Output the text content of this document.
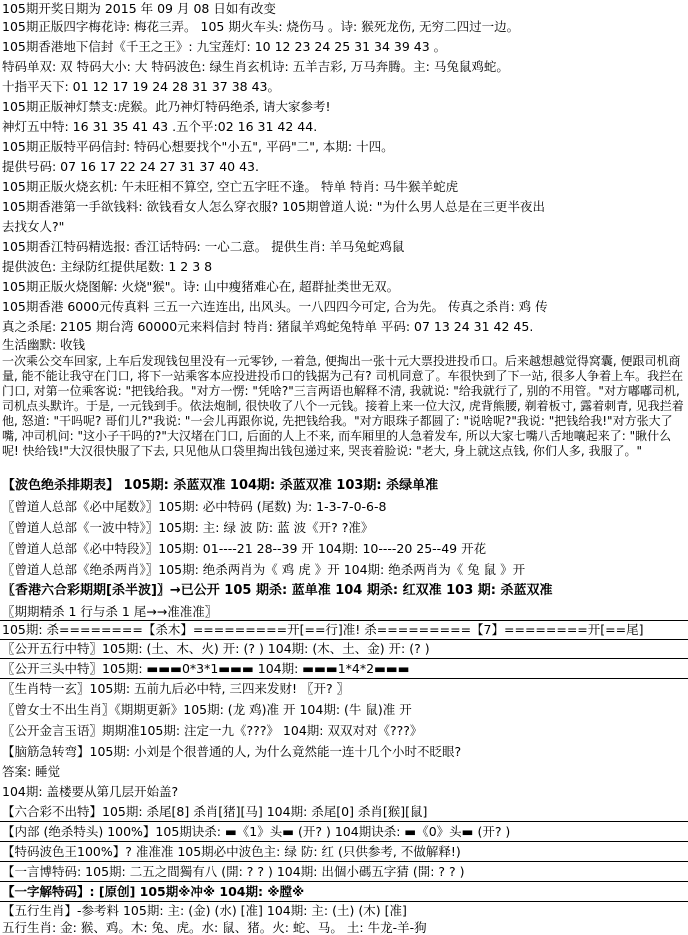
105期开奖日期为 2015 年 09 月 08 日如有改变
105期正版四字梅花诗: 梅花三弄。 105 期火车头: 烧伤马 。诗: 猴死龙伤, 无穷二四过一边。
105期香港地下信封《千王之王》: 九宝莲灯: 10 12 23 24 25 31 34 39 43 。
特码单双: 双 特码大小: 大 特码波色: 绿生肖玄机诗: 五羊吉彩, 万马奔腾。主: 马兔鼠鸡蛇。
十指平天下: 01 12 17 19 24 28 31 37 38 43。
105期正版神灯禁支:虎猴。此乃神灯特码绝杀, 请大家参考!
神灯五中特: 16 31 35 41 43 .五个平:02 16 31 42 44.
105期正版特平码信封: 特码心想要找个"小五", 平码"二", 本期: 十四。
提供号码: 07 16 17 22 24 27 31 37 40 43.
105期正版火烧玄机: 午未旺相不算空, 空亡五字旺不逢。 特单 特肖: 马牛猴羊蛇虎
105期香港第一手欲钱料: 欲钱看女人怎么穿衣服? 105期曾道人说: "为什么男人总是在三更半夜出
去找女人?"
105期香江特码精选报: 香江话特码: 一心二意。 提供生肖: 羊马兔蛇鸡鼠
提供波色: 主绿防红提供尾数: 1 2 3 8
105期正版火烧图解: 火烧"猴"。诗: 山中瘦猪难心在, 超群扯类世无双。
105期香港 6000元传真料 三五一六连连出, 出风头。一八四四今可定, 合为先。 传真之杀肖: 鸡 传
真之杀尾: 2105 期台湾 60000元来料信封 特肖: 猪鼠羊鸡蛇兔特单 平码: 07 13 24 31 42 45.
生活幽默: 收钱

一次乘公交车回家, 上车后发现钱包里没有一元零钞, 一着急, 便掏出一张十元大票投进投币口。后来越想越觉得窝囊, 便跟司机商量, 能不能让我守在门口, 将下一站乘客本应投进投币口的钱据为己有? 司机同意了。车很快到了下一站, 很多人争着上车。我拦在门口, 对第一位乘客说: "把钱给我。"对方一愣: "凭啥?"三言两语也解释不清, 我就说: "给我就行了, 别的不用管。"对方嘟嘟司机, 司机点头默许。于是, 一元钱到手。依法炮制, 很快收了八个一元钱。接着上来一位大汉, 虎背熊腰, 剃着板寸, 露着刺青, 见我拦着他, 怒道: "干吗呢? 哥们儿?"我说: "一会儿再跟你说, 先把钱给我。"对方眼珠子都圆了: "说啥呢?"我说: "把钱给我!"对方张大了嘴, 冲司机问: "这小子干吗的?"大汉堵在门口, 后面的人上不来, 而车厢里的人急着发车, 所以大家七嘴八舌地嚷起来了: "瞅什么呢! 快给钱!"大汉很快服了下去, 只见他从口袋里掏出钱包递过来, 哭丧着脸说: "老大, 身上就这点钱, 你们人多, 我服了。"

【波色绝杀排期表】 105期: 杀蓝双准 104期: 杀蓝双准 103期: 杀绿单准
〖曾道人总部《必中尾数》〗105期: 必中特码 (尾数) 为: 1-3-7-0-6-8
〖曾道人总部《一波中特》〗105期: 主: 绿 波 防: 蓝 波《开? ?准》
〖曾道人总部《必中特段》〗105期: 01----21 28--39 开 104期: 10----20 25--49 开花
〖曾道人总部《绝杀两肖》〗105期: 绝杀两肖为《 鸡 虎 》开 104期: 绝杀两肖为《 兔 鼠 》开
〖香港六合彩期期[杀半波]〗→已公开 105 期杀: 蓝单准 104 期杀: 红双准 103 期: 杀蓝双准
〖期期精杀 1 行与杀 1 尾→→准准准〗
105期: 杀========【杀木】=========开[==行]准! 杀=========【7】========开[==尾]
〖公开五行中特〗105期: (土、木、火) 开: (? ) 104期: (木、土、金) 开: (? )
〖公开三头中特〗105期: ▬▬▬0*3*1▬▬▬ 104期: ▬▬▬1*4*2▬▬▬
〖生肖特一玄〗105期: 五前九后必中特, 三四来发财! 〖开? 〗
〖曾女士不出生肖〗《期期更新》105期: (龙 鸡)准 开 104期: (牛 鼠)准 开
〖公开金言玉语〗期期准105期: 注定一九《???》 104期: 双双对对《???》
【脑筋急转弯】105期: 小刘是个很普通的人, 为什么竟然能一连十几个小时不眨眼?
答案: 睡觉
104期: 盖楼要从第几层开始盖?
【六合彩不出特】105期: 杀尾[8] 杀肖[猪][马] 104期: 杀尾[0] 杀肖[猴][鼠]
【内部 (绝杀特头) 100%】105期诀杀: ▬《1》头▬ (开? ) 104期诀杀: ▬《0》头▬ (开? )
【特码波色王100%】? 准准准 105期必中波色主: 绿 防: 红 (只供参考, 不做解释!)
【一言博特码: 105期: 二五之間獨有八 (開: ? ? ) 104期: 出個小碼五字猜 (開: ? ? )
【一字解特码】: [原创] 105期※冲※ 104期: ※膛※
【五行生肖】-参考料 105期: 主: (金) (水) [准] 104期: 主: (土) (木) [准]
五行生肖: 金: 猴、鸡。木: 兔、虎。水: 鼠、猪。火: 蛇、马。 土: 牛龙-羊-狗
